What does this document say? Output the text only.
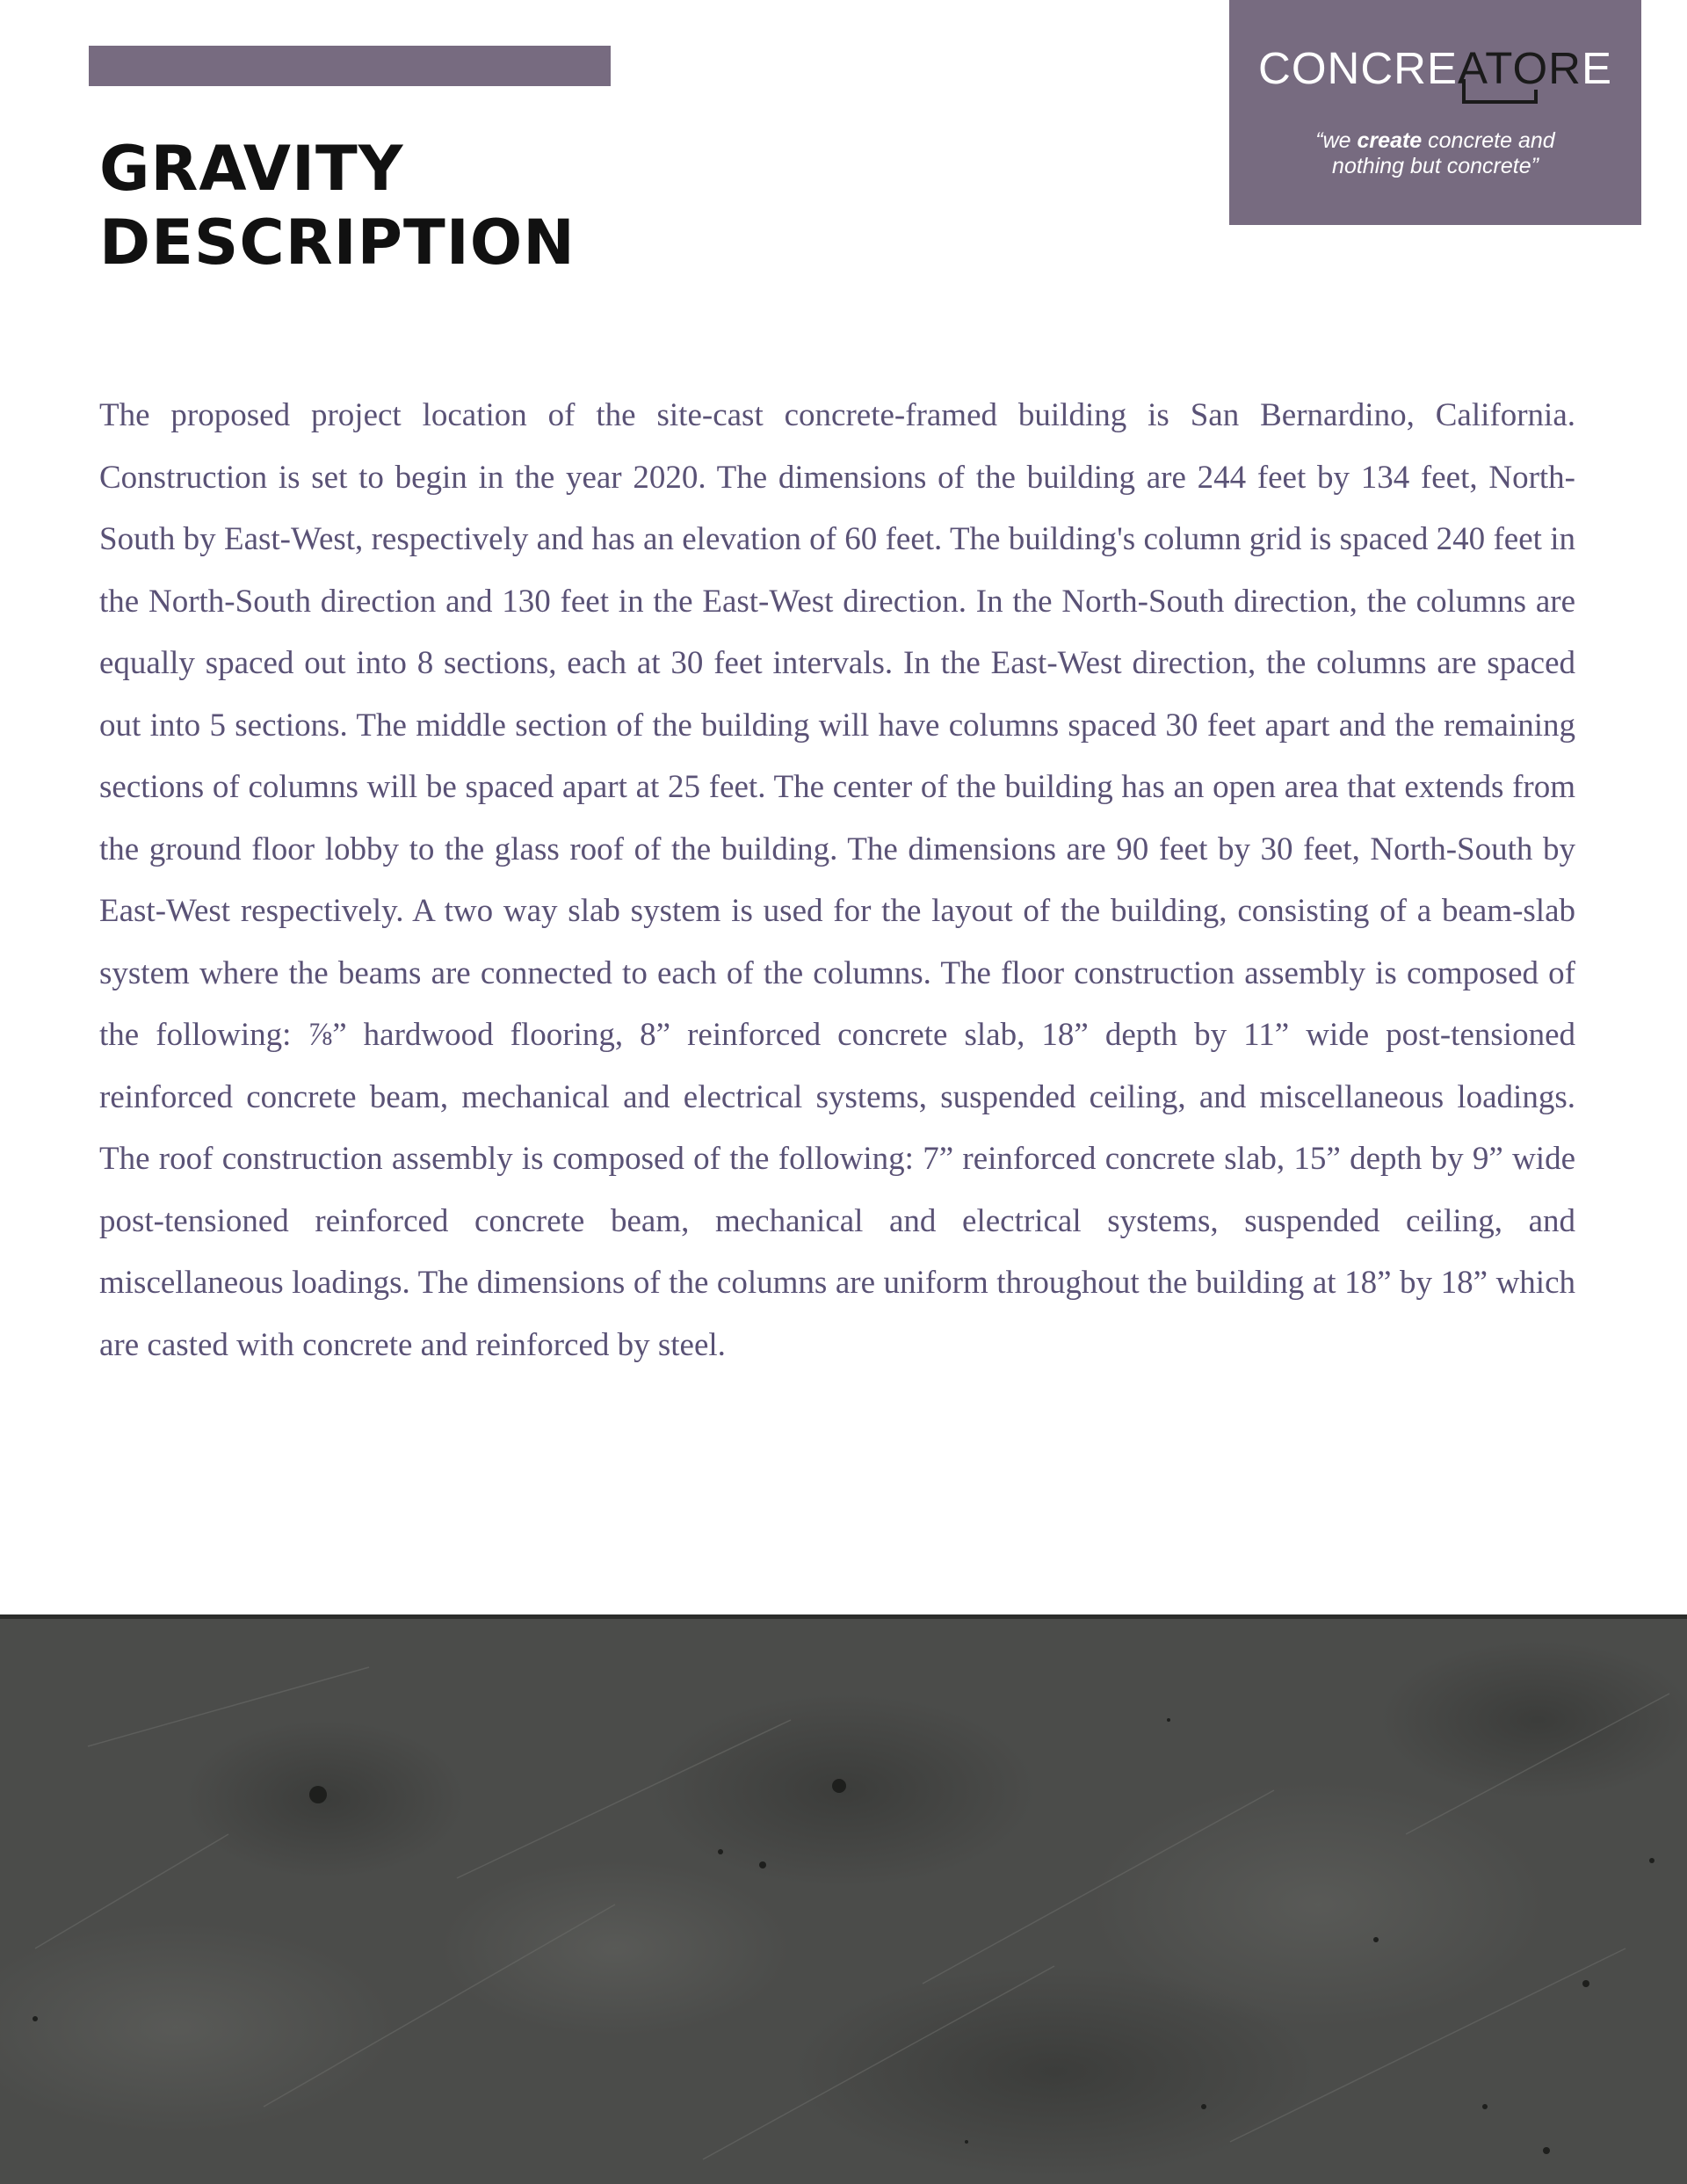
GRAVITY
DESCRIPTION
CONCREATORE
“we create concrete and
nothing but concrete”

The proposed project location of the site-cast concrete-framed building is San Bernardino, California. Construction is set to begin in the year 2020. The dimensions of the building are 244 feet by 134 feet, North-South by East-West, respectively and has an elevation of 60 feet. The building's column grid is spaced 240 feet in the North-South direction and 130 feet in the East-West direction. In the North-South direction, the columns are equally spaced out into 8 sections, each at 30 feet intervals. In the East-West direction, the columns are spaced out into 5 sections. The middle section of the building will have columns spaced 30 feet apart and the remaining sections of columns will be spaced apart at 25 feet. The center of the building has an open area that extends from the ground floor lobby to the glass roof of the building. The dimensions are 90 feet by 30 feet, North-South by East-West respectively. A two way slab system is used for the layout of the building, consisting of a beam-slab system where the beams are connected to each of the columns. The floor construction assembly is composed of the following: ⅞” hardwood flooring, 8” reinforced concrete slab, 18” depth by 11” wide post-tensioned reinforced concrete beam, mechanical and electrical systems, suspended ceiling, and miscellaneous loadings. The roof construction assembly is composed of the following: 7” reinforced concrete slab, 15” depth by 9” wide post-tensioned reinforced concrete beam, mechanical and electrical systems, suspended ceiling, and miscellaneous loadings. The dimensions of the columns are uniform throughout the building at 18” by 18” which are casted with concrete and reinforced by steel.
